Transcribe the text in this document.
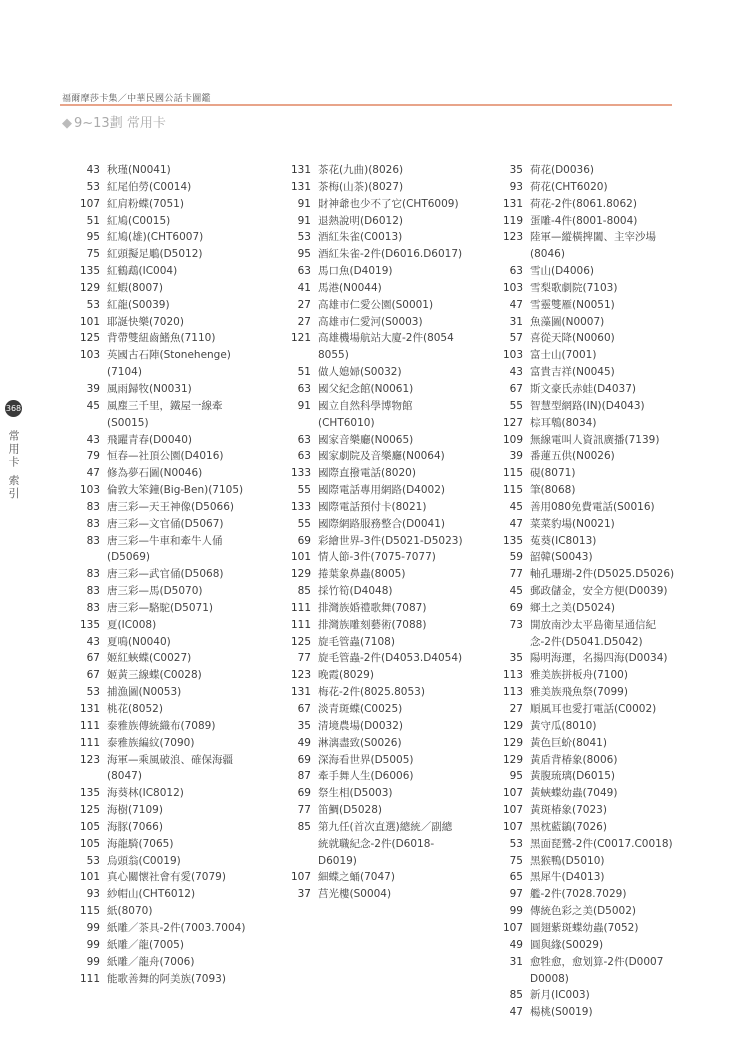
福爾摩莎卡集／中華民國公話卡圖鑑
◆ 9~13劃 常用卡
368
常用卡 索引
43 秋瑾(N0041)
53 紅尾伯勞(C0014)
107 紅肩粉蝶(7051)
51 紅鳩(C0015)
95 紅鳩(雄)(CHT6007)
75 紅頭擬足鵰(D5012)
135 紅鶴鵡(IC004)
129 紅蝦(8007)
53 紅龍(S0039)
101 耶誕快樂(7020)
125 背帶雙紐齒鰭魚(7110)
103 英國古石陣(Stonehenge)
(7104)
39 風雨歸牧(N0031)
45 風塵三千里，鐵屋一線牽
(S0015)
43 飛躍青春(D0040)
79 恒春—社頂公園(D4016)
47 修為夢石圖(N0046)
103 倫敦大笨鐘(Big-Ben)(7105)
83 唐三彩—天王神像(D5066)
83 唐三彩—文官俑(D5067)
83 唐三彩—牛車和牽牛人俑
(D5069)
83 唐三彩—武官俑(D5068)
83 唐三彩—馬(D5070)
83 唐三彩—駱駝(D5071)
135 夏(IC008)
43 夏鳴(N0040)
67 姬紅蛺蝶(C0027)
67 姬黃三線蝶(C0028)
53 捕漁圖(N0053)
131 桃花(8052)
111 泰雅族傳統織布(7089)
111 泰雅族編紋(7090)
123 海軍—乘風破浪、確保海疆
(8047)
135 海葵林(IC8012)
125 海樹(7109)
105 海豚(7066)
105 海龍騎(7065)
53 烏頭翁(C0019)
101 真心關懷社會有愛(7079)
93 紗帽山(CHT6012)
115 紙(8070)
99 紙雕／茶具-2件(7003.7004)
99 紙雕／龍(7005)
99 紙雕／龍舟(7006)
111 能歌善舞的阿美族(7093)
131 茶花(九曲)(8026)
131 茶梅(山茶)(8027)
91 財神爺也少不了它(CHT6009)
91 退熱說明(D6012)
53 酒紅朱雀(C0013)
95 酒紅朱雀-2件(D6016.D6017)
63 馬口魚(D4019)
41 馬港(N0044)
27 高雄市仁愛公園(S0001)
27 高雄市仁愛河(S0003)
121 高雄機場航站大廈-2件(8054
8055)
51 做人媳婦(S0032)
63 國父紀念館(N0061)
91 國立自然科學博物館
(CHT6010)
63 國家音樂廳(N0065)
63 國家劇院及音樂廳(N0064)
133 國際直撥電話(8020)
55 國際電話專用網路(D4002)
133 國際電話預付卡(8021)
55 國際網路服務整合(D0041)
69 彩繪世界-3件(D5021-D5023)
101 情人節-3件(7075-7077)
129 捲葉象鼻蟲(8005)
85 採竹筍(D4048)
111 排灣族婚禮歌舞(7087)
111 排灣族雕刻藝術(7088)
125 旋毛管蟲(7108)
77 旋毛管蟲-2件(D4053.D4054)
123 晚霞(8029)
131 梅花-2件(8025.8053)
67 淡青斑蝶(C0025)
35 清境農場(D0032)
49 淋漓盡致(S0026)
69 深海看世界(D5005)
87 牽手舞人生(D6006)
69 祭生相(D5003)
77 笛鯛(D5028)
85 第九任(首次直選)總統／副總
統就職紀念-2件(D6018-
D6019)
107 細蝶之蛹(7047)
37 莒光樓(S0004)
35 荷花(D0036)
93 荷花(CHT6020)
131 荷花-2件(8061.8062)
119 蛋雕-4件(8001-8004)
123 陸軍—縱橫捭闔、主宰沙場
(8046)
63 雪山(D4006)
103 雪梨歌劇院(7103)
47 雪靈雙雁(N0051)
31 魚藻圖(N0007)
57 喜從天降(N0060)
103 富士山(7001)
43 富貴吉祥(N0045)
67 斯文豪氏赤蛙(D4037)
55 智慧型網路(IN)(D4043)
127 棕耳鵯(8034)
109 無線電叫人資訊廣播(7139)
39 番蓮五供(N0026)
115 硯(8071)
115 筆(8068)
45 善用080免費電話(S0016)
47 菜菜豹場(N0021)
135 菟葵(IC8013)
59 韶韓(S0043)
77 軸孔珊瑚-2件(D5025.D5026)
45 郵政儲金，安全方便(D0039)
69 鄉土之美(D5024)
73 開放南沙太平島衛星通信紀
念-2件(D5041.D5042)
35 陽明海運，名揚四海(D0034)
113 雅美族拼板舟(7100)
113 雅美族飛魚祭(7099)
27 順風耳也愛打電話(C0002)
129 黃守瓜(8010)
129 黃色巨蚧(8041)
129 黃盾背椿象(8006)
95 黃腹琉璃(D6015)
107 黃蛺蝶幼蟲(7049)
107 黃斑椿象(7023)
107 黑枕藍鶲(7026)
53 黑面琵鷺-2件(C0017.C0018)
75 黑猴鴨(D5010)
65 黑犀牛(D4013)
97 艦-2件(7028.7029)
99 傳統色彩之美(D5002)
107 圓翅紫斑蝶幼蟲(7052)
49 圓與緣(S0029)
31 愈牲愈，愈划算-2件(D0007
D0008)
85 新月(IC003)
47 楊桃(S0019)
